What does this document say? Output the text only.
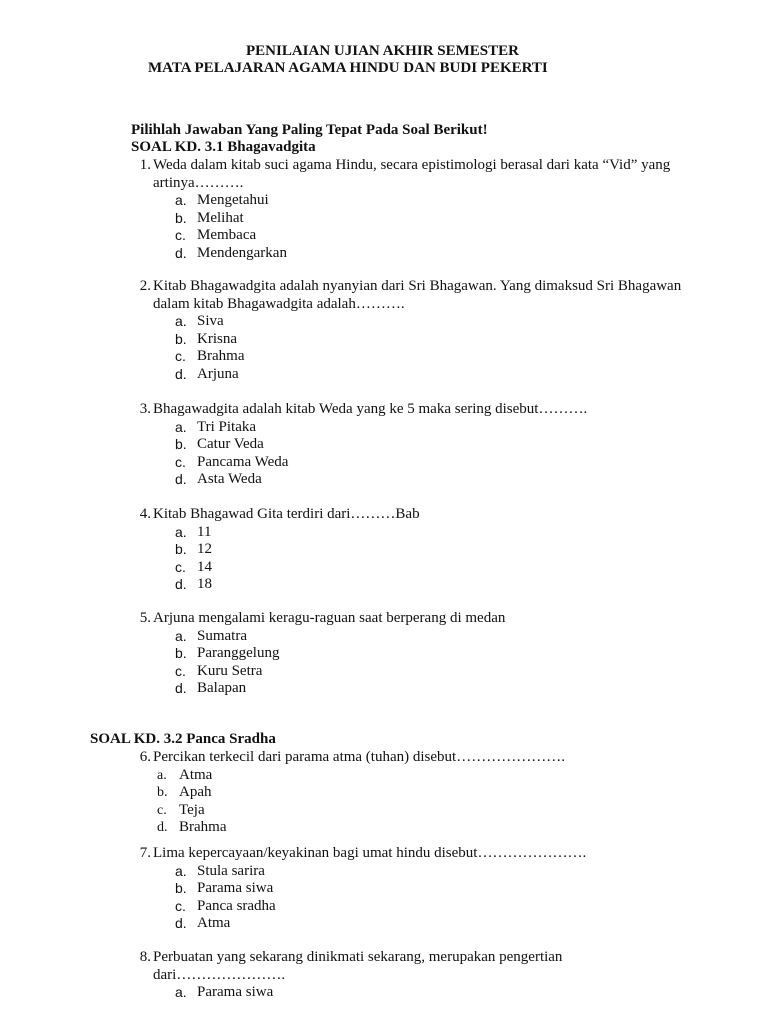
PENILAIAN UJIAN AKHIR SEMESTER
MATA PELAJARAN AGAMA HINDU DAN BUDI PEKERTI
Pilihlah Jawaban Yang Paling Tepat Pada Soal Berikut!
SOAL KD. 3.1 Bhagavadgita
1. Weda dalam kitab suci agama Hindu, secara epistimologi berasal dari kata “Vid” yang artinya……….
a. Mengetahui
b. Melihat
c. Membaca
d. Mendengarkan
2. Kitab Bhagawadgita adalah nyanyian dari Sri Bhagawan. Yang dimaksud Sri Bhagawan dalam kitab Bhagawadgita adalah……….
a. Siva
b. Krisna
c. Brahma
d. Arjuna
3. Bhagawadgita adalah kitab Weda yang ke 5 maka sering disebut……….
a. Tri Pitaka
b. Catur Veda
c. Pancama Weda
d. Asta Weda
4. Kitab Bhagawad Gita terdiri dari………Bab
a. 11
b. 12
c. 14
d. 18
5. Arjuna mengalami keragu-raguan saat berperang di medan
a. Sumatra
b. Paranggelung
c. Kuru Setra
d. Balapan
SOAL KD. 3.2 Panca Sradha
6. Percikan terkecil dari parama atma (tuhan) disebut………………….
a. Atma
b. Apah
c. Teja
d. Brahma
7. Lima kepercayaan/keyakinan bagi umat hindu disebut………………….
a. Stula sarira
b. Parama siwa
c. Panca sradha
d. Atma
8. Perbuatan yang sekarang dinikmati sekarang, merupakan pengertian dari………………….
a. Parama siwa
